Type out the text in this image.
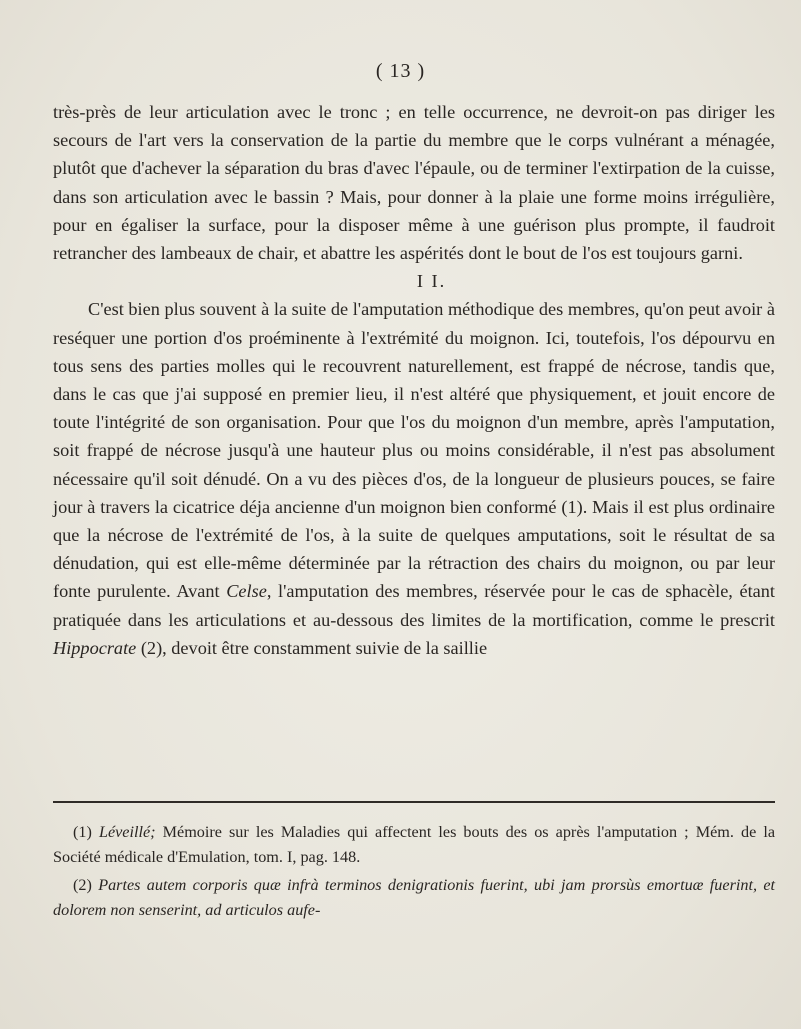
( 13 )

très-près de leur articulation avec le tronc ; en telle occurrence, ne devroit-on pas diriger les secours de l'art vers la conservation de la partie du membre que le corps vulnérant a ménagée, plutôt que d'achever la séparation du bras d'avec l'épaule, ou de terminer l'extirpation de la cuisse, dans son articulation avec le bassin ? Mais, pour donner à la plaie une forme moins irrégulière, pour en égaliser la surface, pour la disposer même à une guérison plus prompte, il faudroit retrancher des lambeaux de chair, et abattre les aspérités dont le bout de l'os est toujours garni.

I I.

C'est bien plus souvent à la suite de l'amputation méthodique des membres, qu'on peut avoir à reséquer une portion d'os proéminente à l'extrémité du moignon. Ici, toutefois, l'os dépourvu en tous sens des parties molles qui le recouvrent naturellement, est frappé de nécrose, tandis que, dans le cas que j'ai supposé en premier lieu, il n'est altéré que physiquement, et jouit encore de toute l'intégrité de son organisation. Pour que l'os du moignon d'un membre, après l'amputation, soit frappé de nécrose jusqu'à une hauteur plus ou moins considérable, il n'est pas absolument nécessaire qu'il soit dénudé. On a vu des pièces d'os, de la longueur de plusieurs pouces, se faire jour à travers la cicatrice déja ancienne d'un moignon bien conformé (1). Mais il est plus ordinaire que la nécrose de l'extrémité de l'os, à la suite de quelques amputations, soit le résultat de sa dénudation, qui est elle-même déterminée par la rétraction des chairs du moignon, ou par leur fonte purulente. Avant Celse, l'amputation des membres, réservée pour le cas de sphacèle, étant pratiquée dans les articulations et au-dessous des limites de la mortification, comme le prescrit Hippocrate (2), devoit être constamment suivie de la saillie

(1) Léveillé; Mémoire sur les Maladies qui affectent les bouts des os après l'amputation ; Mém. de la Société médicale d'Emulation, tom. I, pag. 148.

(2) Partes autem corporis quæ infrà terminos denigrationis fuerint, ubi jam prorsùs emortuæ fuerint, et dolorem non senserint, ad articulos aufe-
